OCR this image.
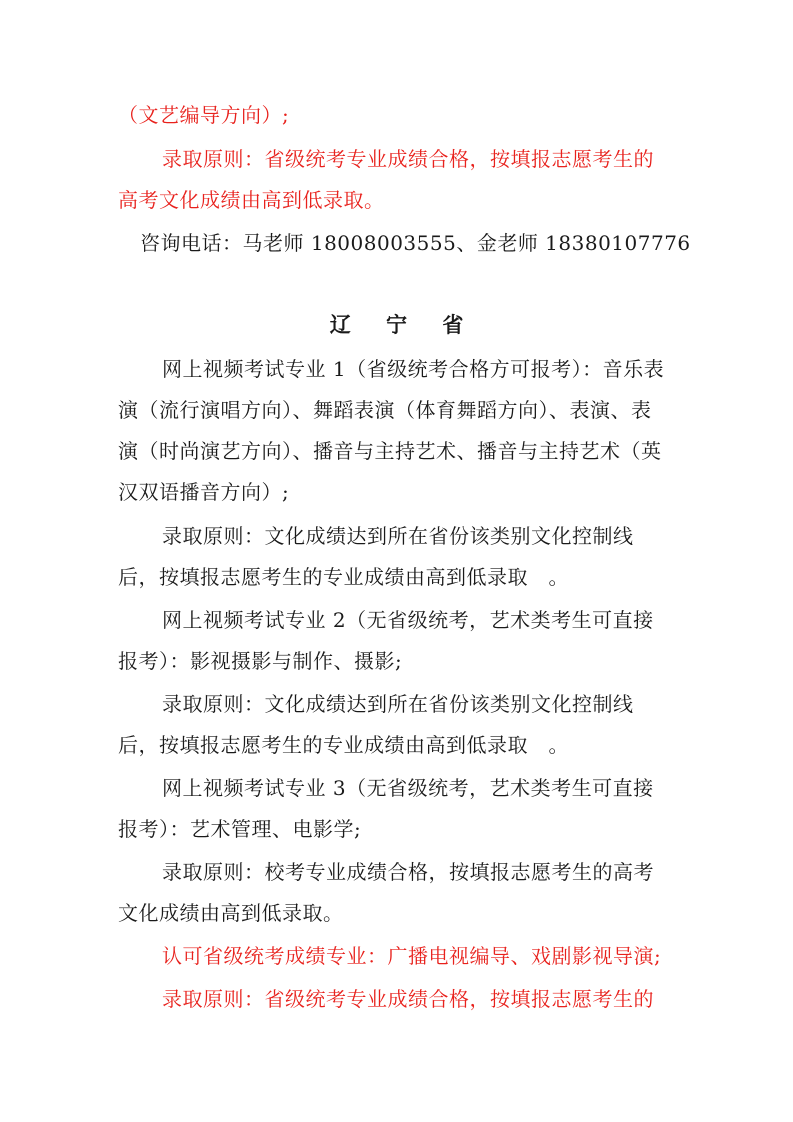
（文艺编导方向）;
录取原则：省级统考专业成绩合格，按填报志愿考生的
高考文化成绩由高到低录取。
咨询电话：马老师 18008003555、金老师 18380107776
辽 宁 省
网上视频考试专业 1（省级统考合格方可报考）：音乐表
演（流行演唱方向）、舞蹈表演（体育舞蹈方向）、表演、表
演（时尚演艺方向）、播音与主持艺术、播音与主持艺术（英
汉双语播音方向）;
录取原则：文化成绩达到所在省份该类别文化控制线
后，按填报志愿考生的专业成绩由高到低录取　。
网上视频考试专业 2（无省级统考，艺术类考生可直接
报考）：影视摄影与制作、摄影;
录取原则：文化成绩达到所在省份该类别文化控制线
后，按填报志愿考生的专业成绩由高到低录取　。
网上视频考试专业 3（无省级统考，艺术类考生可直接
报考）：艺术管理、电影学;
录取原则：校考专业成绩合格，按填报志愿考生的高考
文化成绩由高到低录取。
认可省级统考成绩专业：广播电视编导、戏剧影视导演;
录取原则：省级统考专业成绩合格，按填报志愿考生的
